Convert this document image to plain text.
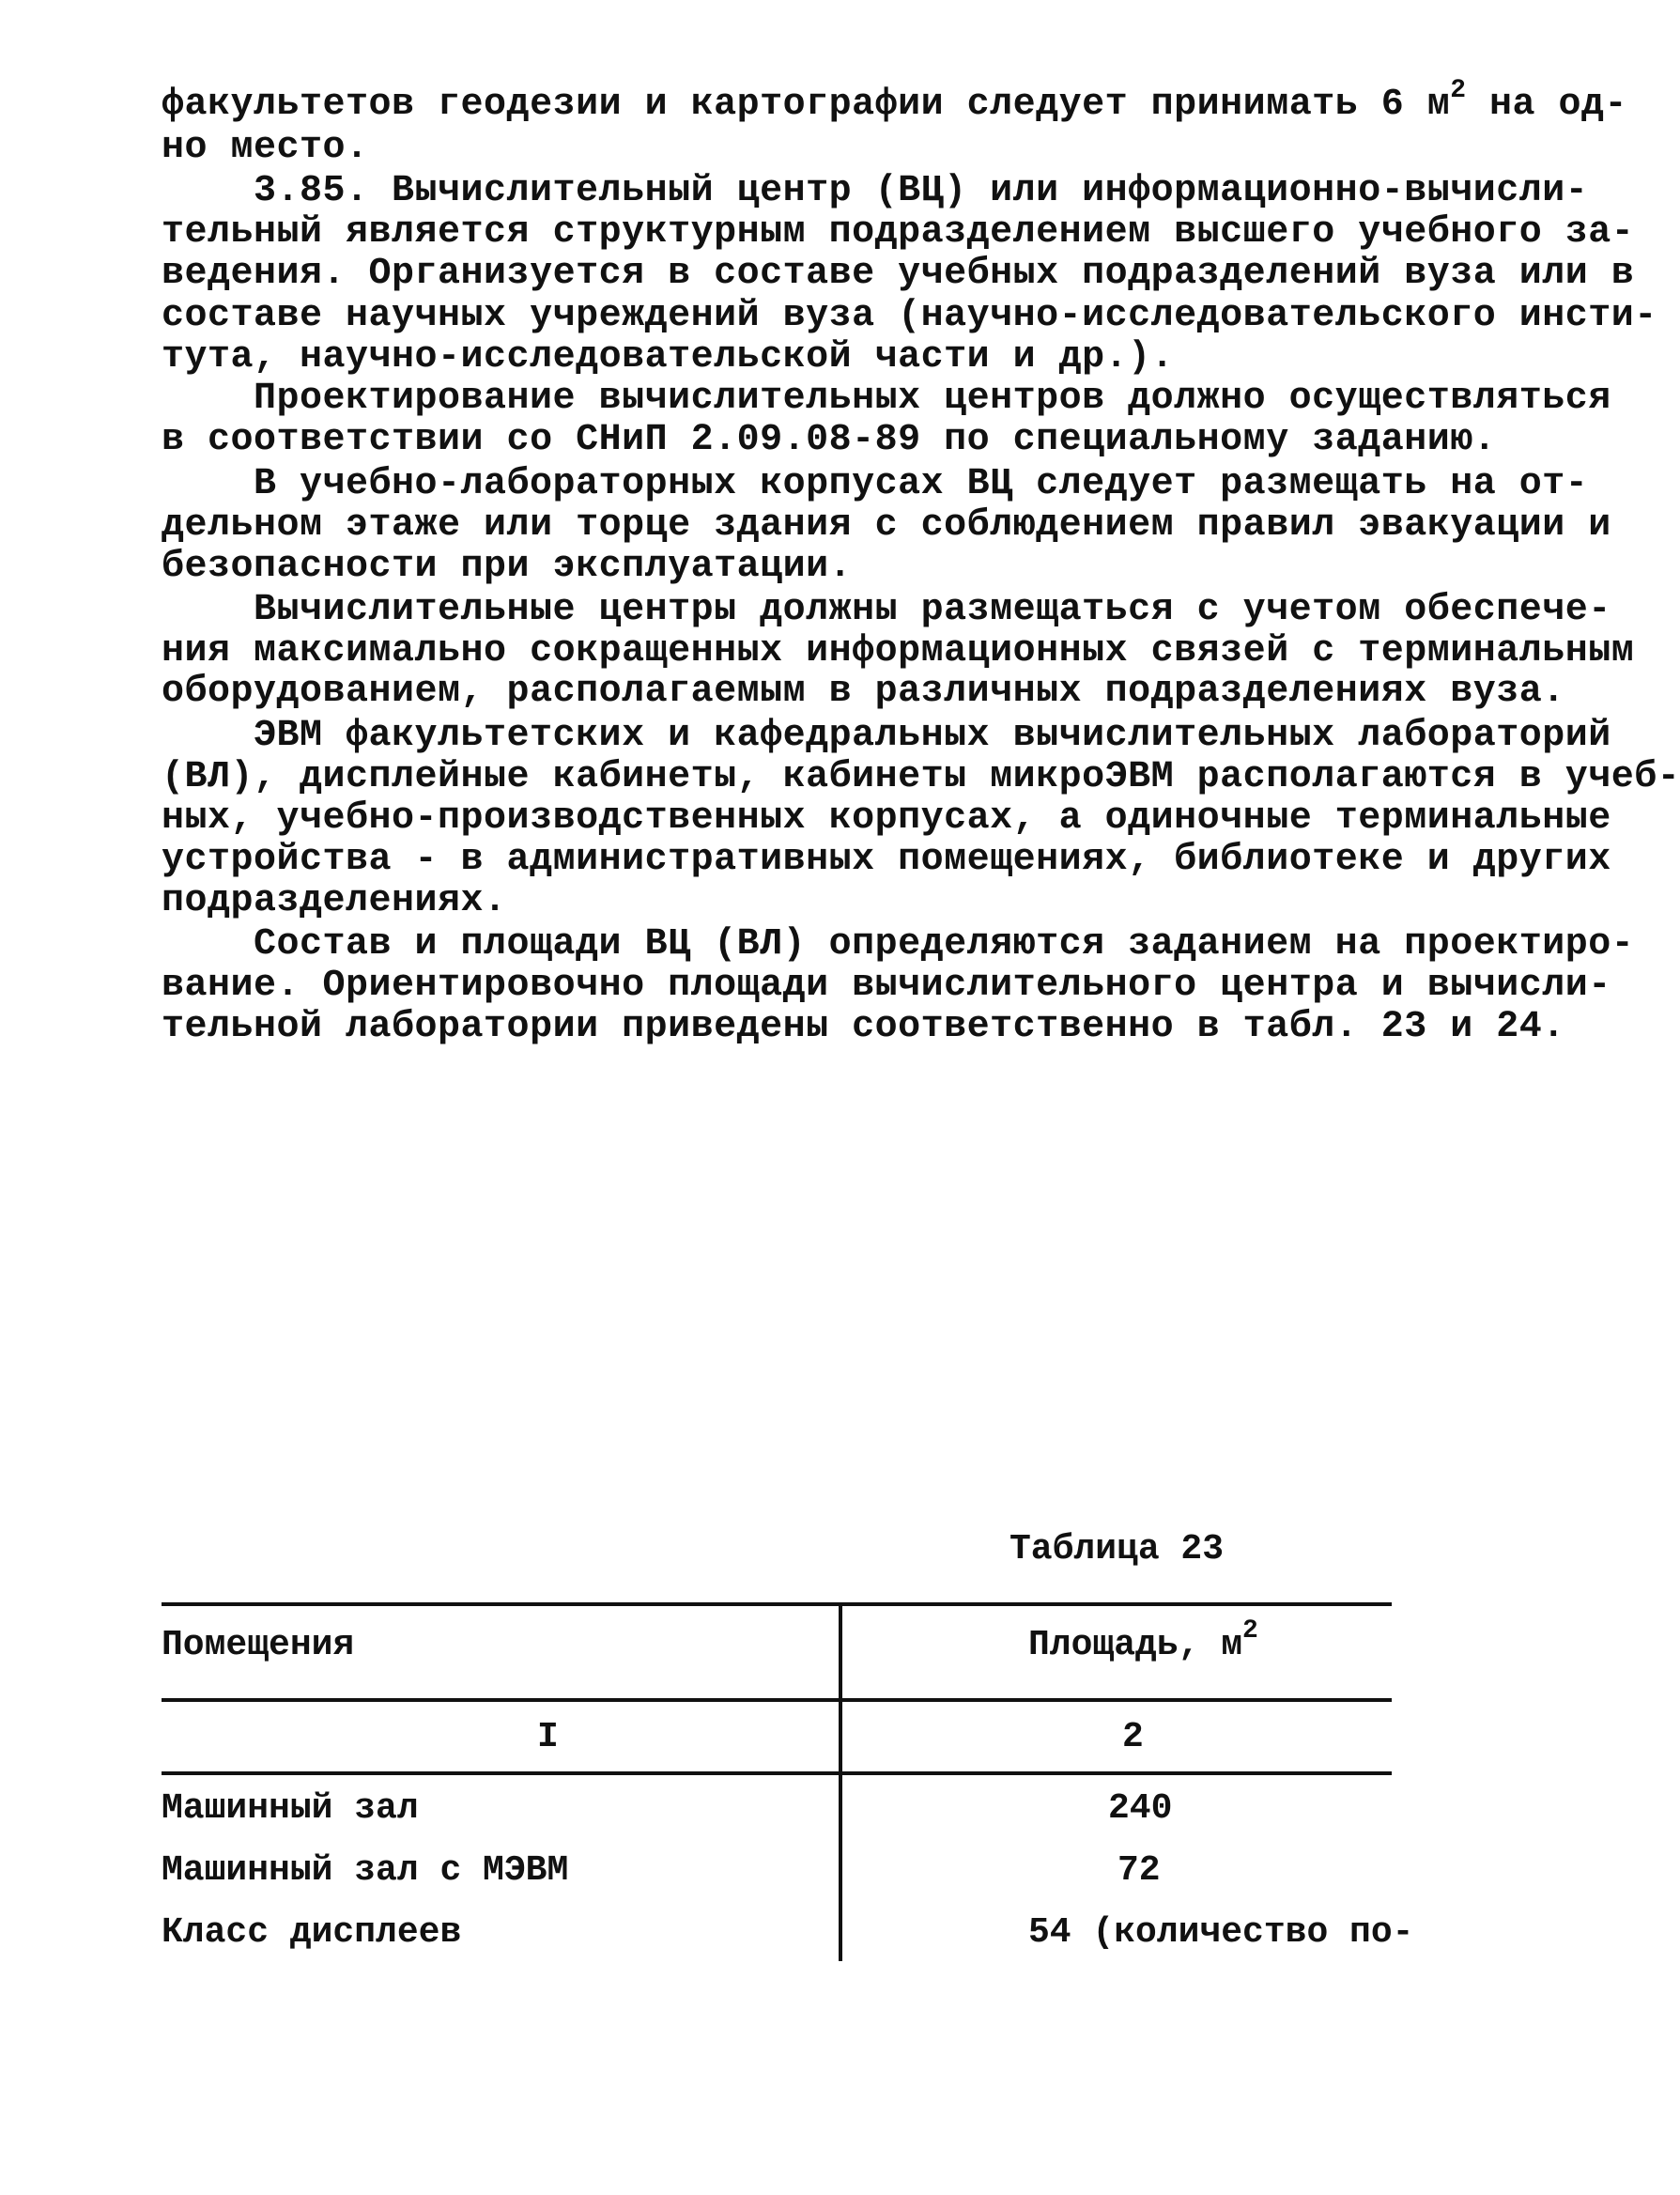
факультетов геодезии и картографии следует принимать 6 $м^2$ на од-
но место.
3.85. Вычислительный центр (ВЦ) или информационно-вычисли-
тельный является структурным подразделением высшего учебного за-
ведения. Организуется в составе учебных подразделений вуза или в
составе научных учреждений вуза (научно-исследовательского инсти-
тута, научно-исследовательской части и др.).
Проектирование вычислительных центров должно осуществляться
в соответствии со СНиП 2.09.08-89 по специальному заданию.
В учебно-лабораторных корпусах ВЦ следует размещать на от-
дельном этаже или торце здания с соблюдением правил эвакуации и
безопасности при эксплуатации.
Вычислительные центры должны размещаться с учетом обеспече-
ния максимально сокращенных информационных связей с терминальным
оборудованием, располагаемым в различных подразделениях вуза.
ЭВМ факультетских и кафедральных вычислительных лабораторий
(ВЛ), дисплейные кабинеты, кабинеты микроЭВМ располагаются в учеб-
ных, учебно-производственных корпусах, а одиночные терминальные
устройства - в административных помещениях, библиотеке и других
подразделениях.
Состав и площади ВЦ (ВЛ) определяются заданием на проектиро-
вание. Ориентировочно площади вычислительного центра и вычисли-
тельной лаборатории приведены соответственно в табл. 23 и 24.
Таблица 23
Помещения	Площадь, $м^2$
I	2
Машинный зал	240
Машинный зал с МЭВМ	72
Класс дисплеев	54 (количество по-
